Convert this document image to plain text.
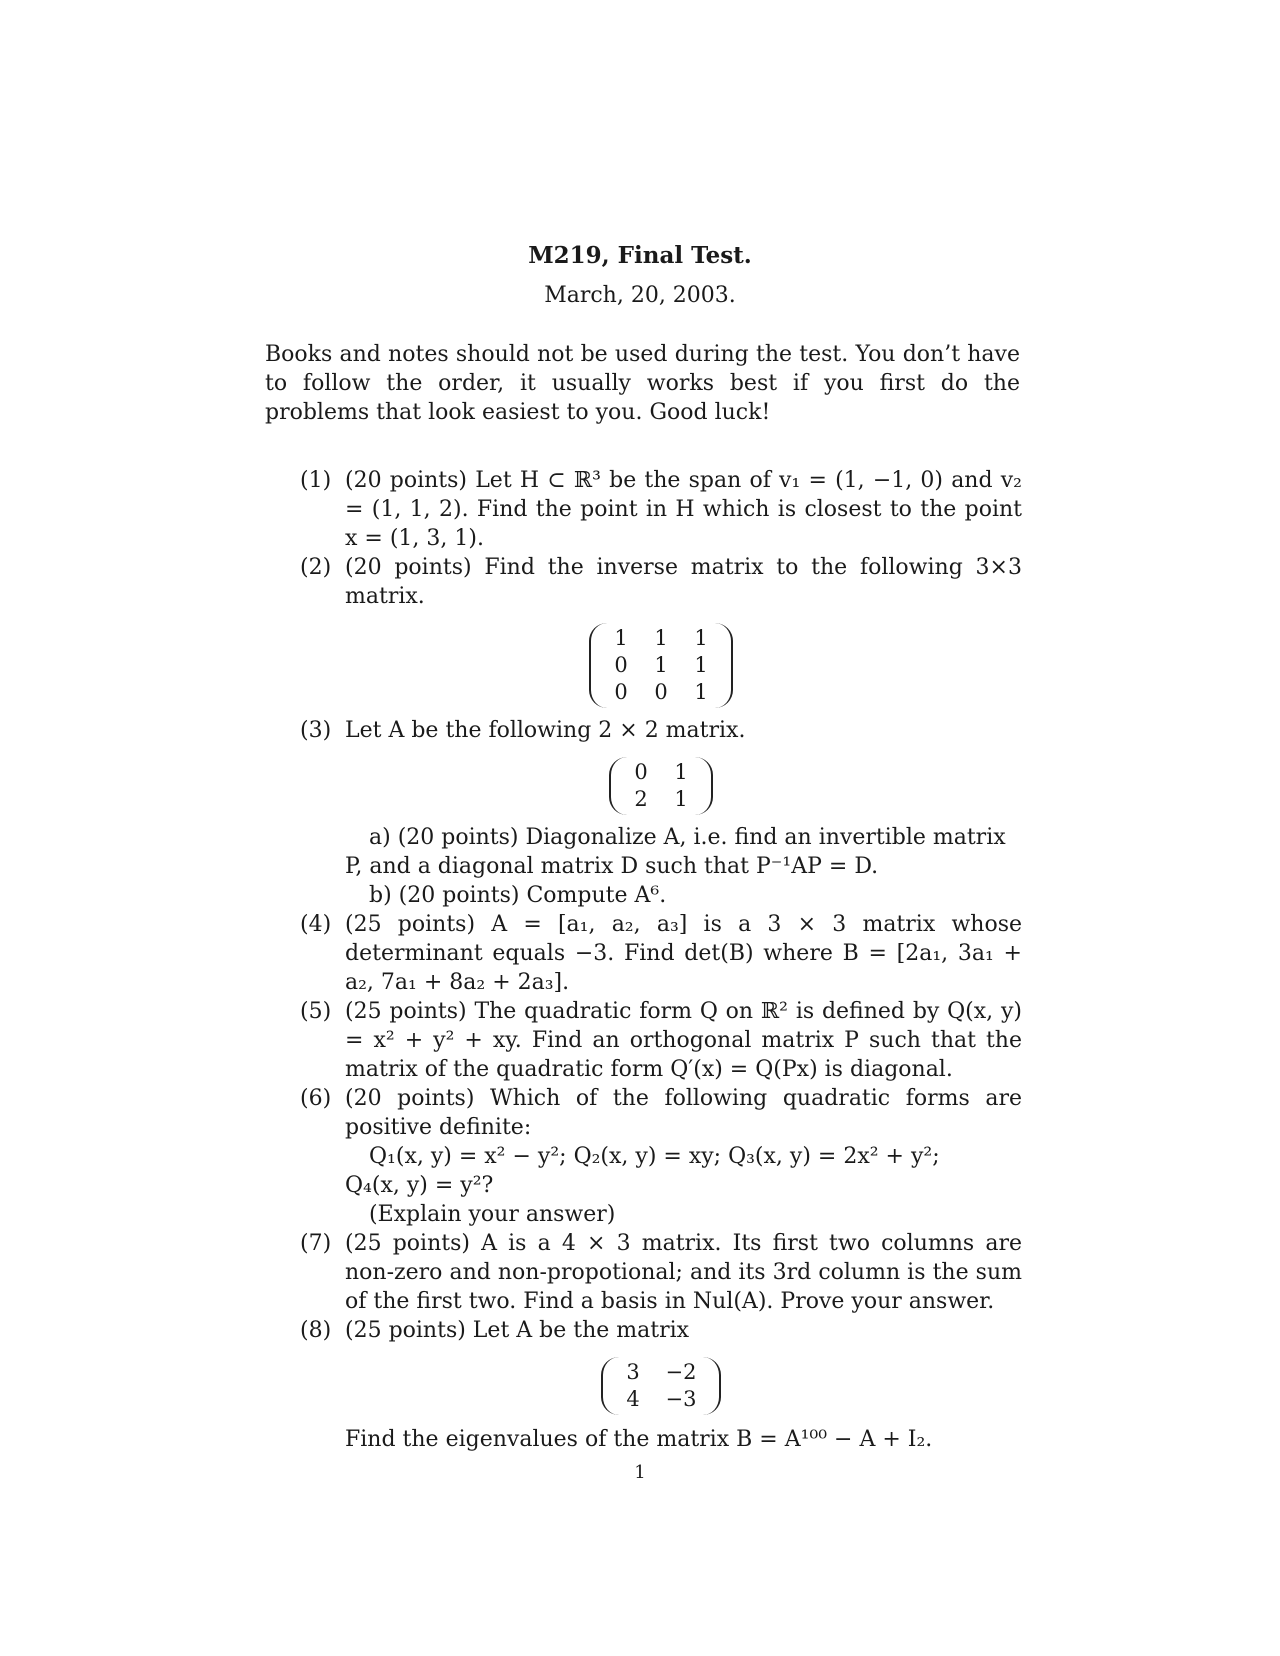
M219, Final Test.
March, 20, 2003.
Books and notes should not be used during the test. You don’t have to follow the order, it usually works best if you first do the problems that look easiest to you. Good luck!
(1) (20 points) Let H ⊂ ℝ³ be the span of v₁ = (1, −1, 0) and v₂ = (1, 1, 2). Find the point in H which is closest to the point x = (1, 3, 1).
(2) (20 points) Find the inverse matrix to the following 3×3 matrix.
1	1	1
0	1	1
0	0	1
(3) Let A be the following 2 × 2 matrix.
0	1
2	1
a) (20 points) Diagonalize A, i.e. find an invertible matrix
P, and a diagonal matrix D such that P⁻¹AP = D.
b) (20 points) Compute A⁶.
(4) (25 points) A = [a₁, a₂, a₃] is a 3 × 3 matrix whose determinant equals −3. Find det(B) where B = [2a₁, 3a₁ + a₂, 7a₁ + 8a₂ + 2a₃].
(5) (25 points) The quadratic form Q on ℝ² is defined by Q(x, y) = x² + y² + xy. Find an orthogonal matrix P such that the matrix of the quadratic form Q′(x) = Q(Px) is diagonal.
(6) (20 points) Which of the following quadratic forms are positive definite:
Q₁(x, y) = x² − y²; Q₂(x, y) = xy; Q₃(x, y) = 2x² + y²;
Q₄(x, y) = y²?
(Explain your answer)
(7) (25 points) A is a 4 × 3 matrix. Its first two columns are non-zero and non-propotional; and its 3rd column is the sum of the first two. Find a basis in Nul(A). Prove your answer.
(8) (25 points) Let A be the matrix
3	−2
4	−3
Find the eigenvalues of the matrix B = A¹⁰⁰ − A + I₂.
1
